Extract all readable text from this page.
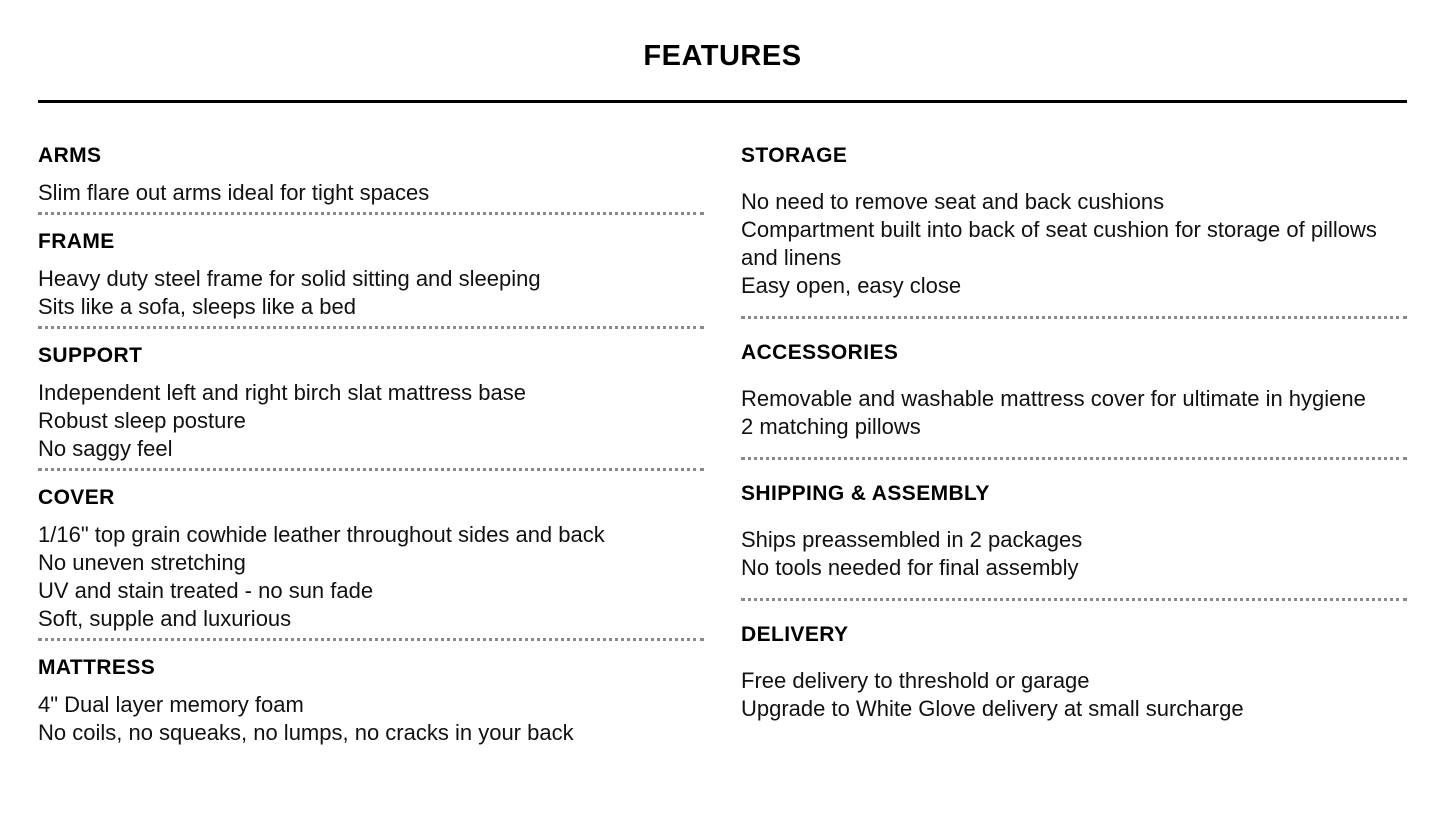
FEATURES
ARMS
Slim flare out arms ideal for tight spaces
FRAME
Heavy duty steel frame for solid sitting and sleeping
Sits like a sofa, sleeps like a bed
SUPPORT
Independent left and right birch slat mattress base
Robust sleep posture
No saggy feel
COVER
1/16" top grain cowhide leather throughout sides and back
No uneven stretching
UV and stain treated - no sun fade
Soft, supple and luxurious
MATTRESS
4" Dual layer memory foam
No coils, no squeaks, no lumps, no cracks in your back
STORAGE
No need to remove seat and back cushions
Compartment built into back of seat cushion for storage of pillows and linens
Easy open, easy close
ACCESSORIES
Removable and washable mattress cover for ultimate in hygiene
2 matching pillows
SHIPPING & ASSEMBLY
Ships preassembled in 2 packages
No tools needed for final assembly
DELIVERY
Free delivery to threshold or garage
Upgrade to White Glove delivery at small surcharge
